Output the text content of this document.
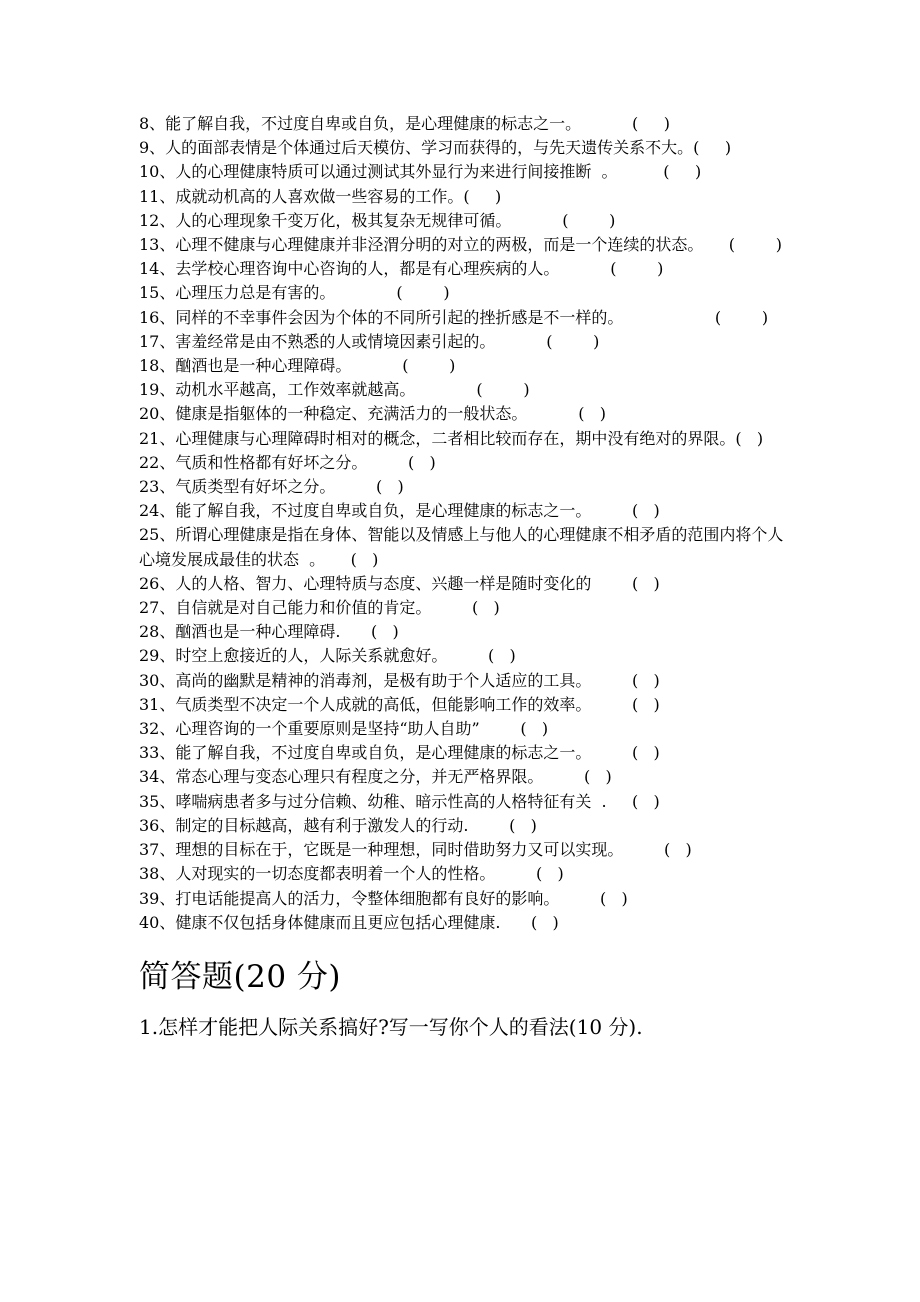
8、能了解自我，不过度自卑或自负，是心理健康的标志之一。          (     )
9、人的面部表情是个体通过后天模仿、学习而获得的，与先天遗传关系不大。(     )
10、人的心理健康特质可以通过测试其外显行为来进行间接推断  。         (     )
11、成就动机高的人喜欢做一些容易的工作。(     )
12、人的心理现象千变万化，极其复杂无规律可循。          (        )
13、心理不健康与心理健康并非泾渭分明的对立的两极，而是一个连续的状态。     (        )
14、去学校心理咨询中心咨询的人，都是有心理疾病的人。          (        )
15、心理压力总是有害的。            (        )
16、同样的不幸事件会因为个体的不同所引起的挫折感是不一样的。                  (        )
17、害羞经常是由不熟悉的人或情境因素引起的。          (        )
18、酗酒也是一种心理障碍。          (        )
19、动机水平越高，工作效率就越高。            (        )
20、健康是指躯体的一种稳定、充满活力的一般状态。          (   )
21、心理健康与心理障碍时相对的概念，二者相比较而存在，期中没有绝对的界限。(   )
22、气质和性格都有好坏之分。        (   )
23、气质类型有好坏之分。        (   )
24、能了解自我，不过度自卑或自负，是心理健康的标志之一。        (   )
25、所谓心理健康是指在身体、智能以及情感上与他人的心理健康不相矛盾的范围内将个人心境发展成最佳的状态  。     (   )
26、人的人格、智力、心理特质与态度、兴趣一样是随时变化的        (   )
27、自信就是对自己能力和价值的肯定。        (   )
28、酗酒也是一种心理障碍.      (   )
29、时空上愈接近的人，人际关系就愈好。        (   )
30、高尚的幽默是精神的消毒剂，是极有助于个人适应的工具。        (   )
31、气质类型不决定一个人成就的高低，但能影响工作的效率。        (   )
32、心理咨询的一个重要原则是坚持“助人自助”        (   )
33、能了解自我，不过度自卑或自负，是心理健康的标志之一。        (   )
34、常态心理与变态心理只有程度之分，并无严格界限。        (   )
35、哮喘病患者多与过分信赖、幼稚、暗示性高的人格特征有关  .     (   )
36、制定的目标越高，越有利于激发人的行动.        (   )
37、理想的目标在于，它既是一种理想，同时借助努力又可以实现。        (   )
38、人对现实的一切态度都表明着一个人的性格。        (   )
39、打电话能提高人的活力，令整体细胞都有良好的影响。        (   )
40、健康不仅包括身体健康而且更应包括心理健康.      (   )
简答题(20 分)
1.怎样才能把人际关系搞好?写一写你个人的看法(10 分).
